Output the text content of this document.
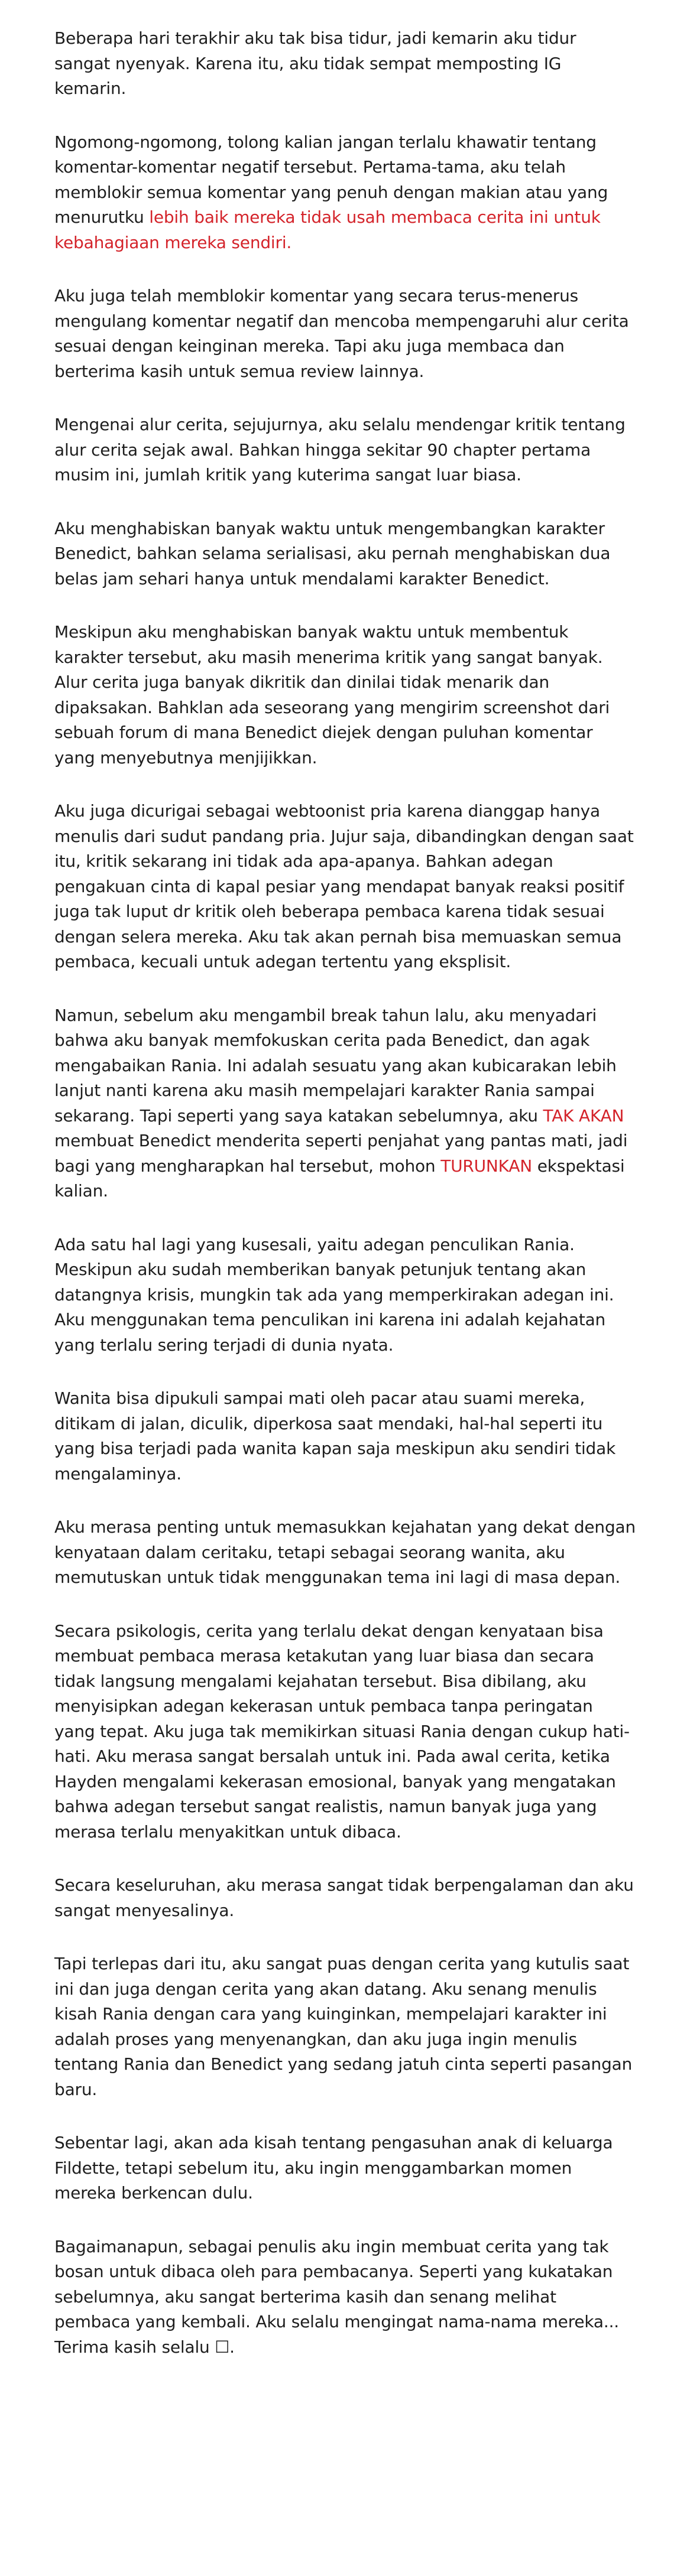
Beberapa hari terakhir aku tak bisa tidur, jadi kemarin aku tidur sangat nyenyak. Karena itu, aku tidak sempat memposting IG kemarin.

Ngomong-ngomong, tolong kalian jangan terlalu khawatir tentang komentar-komentar negatif tersebut. Pertama-tama, aku telah memblokir semua komentar yang penuh dengan makian atau yang menurutku lebih baik mereka tidak usah membaca cerita ini untuk kebahagiaan mereka sendiri.

Aku juga telah memblokir komentar yang secara terus-menerus mengulang komentar negatif dan mencoba mempengaruhi alur cerita sesuai dengan keinginan mereka. Tapi aku juga membaca dan berterima kasih untuk semua review lainnya.

Mengenai alur cerita, sejujurnya, aku selalu mendengar kritik tentang alur cerita sejak awal. Bahkan hingga sekitar 90 chapter pertama musim ini, jumlah kritik yang kuterima sangat luar biasa.

Aku menghabiskan banyak waktu untuk mengembangkan karakter Benedict, bahkan selama serialisasi, aku pernah menghabiskan dua belas jam sehari hanya untuk mendalami karakter Benedict.

Meskipun aku menghabiskan banyak waktu untuk membentuk karakter tersebut, aku masih menerima kritik yang sangat banyak. Alur cerita juga banyak dikritik dan dinilai tidak menarik dan dipaksakan. Bahklan ada seseorang yang mengirim screenshot dari sebuah forum di mana Benedict diejek dengan puluhan komentar yang menyebutnya menjijikkan.

Aku juga dicurigai sebagai webtoonist pria karena dianggap hanya menulis dari sudut pandang pria. Jujur saja, dibandingkan dengan saat itu, kritik sekarang ini tidak ada apa-apanya. Bahkan adegan pengakuan cinta di kapal pesiar yang mendapat banyak reaksi positif juga tak luput dr kritik oleh beberapa pembaca karena tidak sesuai dengan selera mereka. Aku tak akan pernah bisa memuaskan semua pembaca, kecuali untuk adegan tertentu yang eksplisit.

Namun, sebelum aku mengambil break tahun lalu, aku menyadari bahwa aku banyak memfokuskan cerita pada Benedict, dan agak mengabaikan Rania. Ini adalah sesuatu yang akan kubicarakan lebih lanjut nanti karena aku masih mempelajari karakter Rania sampai sekarang. Tapi seperti yang saya katakan sebelumnya, aku TAK AKAN membuat Benedict menderita seperti penjahat yang pantas mati, jadi bagi yang mengharapkan hal tersebut, mohon TURUNKAN ekspektasi kalian.

Ada satu hal lagi yang kusesali, yaitu adegan penculikan Rania. Meskipun aku sudah memberikan banyak petunjuk tentang akan datangnya krisis, mungkin tak ada yang memperkirakan adegan ini. Aku menggunakan tema penculikan ini karena ini adalah kejahatan yang terlalu sering terjadi di dunia nyata.

Wanita bisa dipukuli sampai mati oleh pacar atau suami mereka, ditikam di jalan, diculik, diperkosa saat mendaki, hal-hal seperti itu yang bisa terjadi pada wanita kapan saja meskipun aku sendiri tidak mengalaminya.

Aku merasa penting untuk memasukkan kejahatan yang dekat dengan kenyataan dalam ceritaku, tetapi sebagai seorang wanita, aku memutuskan untuk tidak menggunakan tema ini lagi di masa depan.

Secara psikologis, cerita yang terlalu dekat dengan kenyataan bisa membuat pembaca merasa ketakutan yang luar biasa dan secara tidak langsung mengalami kejahatan tersebut. Bisa dibilang, aku menyisipkan adegan kekerasan untuk pembaca tanpa peringatan yang tepat. Aku juga tak memikirkan situasi Rania dengan cukup hati-hati. Aku merasa sangat bersalah untuk ini. Pada awal cerita, ketika Hayden mengalami kekerasan emosional, banyak yang mengatakan bahwa adegan tersebut sangat realistis, namun banyak juga yang merasa terlalu menyakitkan untuk dibaca.

Secara keseluruhan, aku merasa sangat tidak berpengalaman dan aku sangat menyesalinya.

Tapi terlepas dari itu, aku sangat puas dengan cerita yang kutulis saat ini dan juga dengan cerita yang akan datang. Aku senang menulis kisah Rania dengan cara yang kuinginkan, mempelajari karakter ini adalah proses yang menyenangkan, dan aku juga ingin menulis tentang Rania dan Benedict yang sedang jatuh cinta seperti pasangan baru.

Sebentar lagi, akan ada kisah tentang pengasuhan anak di keluarga Fildette, tetapi sebelum itu, aku ingin menggambarkan momen mereka berkencan dulu.

Bagaimanapun, sebagai penulis aku ingin membuat cerita yang tak bosan untuk dibaca oleh para pembacanya. Seperti yang kukatakan sebelumnya, aku sangat berterima kasih dan senang melihat pembaca yang kembali. Aku selalu mengingat nama-nama mereka... Terima kasih selalu ☐.
